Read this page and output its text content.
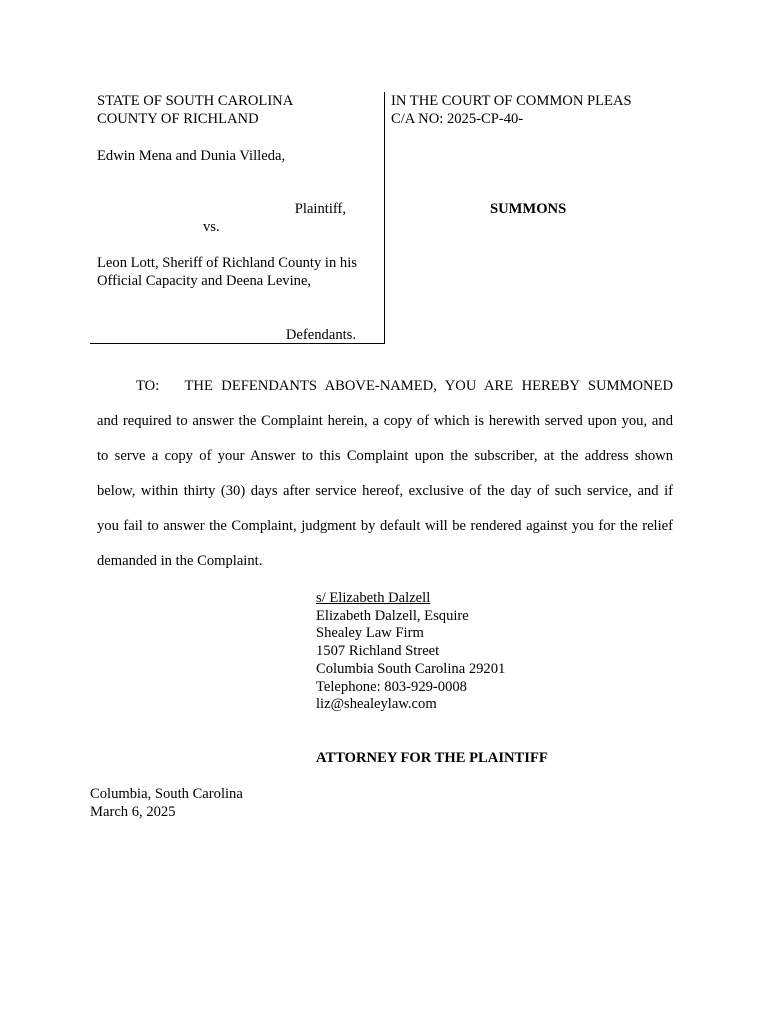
STATE OF SOUTH CAROLINA
COUNTY OF RICHLAND
Edwin Mena and Dunia Villeda,
Plaintiff,
vs.
Leon Lott, Sheriff of Richland County in his
Official Capacity and Deena Levine,
Defendants.
IN THE COURT OF COMMON PLEAS
C/A NO: 2025-CP-40-
SUMMONS
TO:   THE DEFENDANTS ABOVE-NAMED, YOU ARE HEREBY SUMMONED
and required to answer the Complaint herein, a copy of which is herewith served upon you, and
to serve a copy of your Answer to this Complaint upon the subscriber, at the address shown
below, within thirty (30) days after service hereof, exclusive of the day of such service, and if
you fail to answer the Complaint, judgment by default will be rendered against you for the relief
demanded in the Complaint.
s/ Elizabeth Dalzell
Elizabeth Dalzell, Esquire
Shealey Law Firm
1507 Richland Street
Columbia South Carolina 29201
Telephone: 803-929-0008
liz@shealeylaw.com
ATTORNEY FOR THE PLAINTIFF
Columbia, South Carolina
March 6, 2025
